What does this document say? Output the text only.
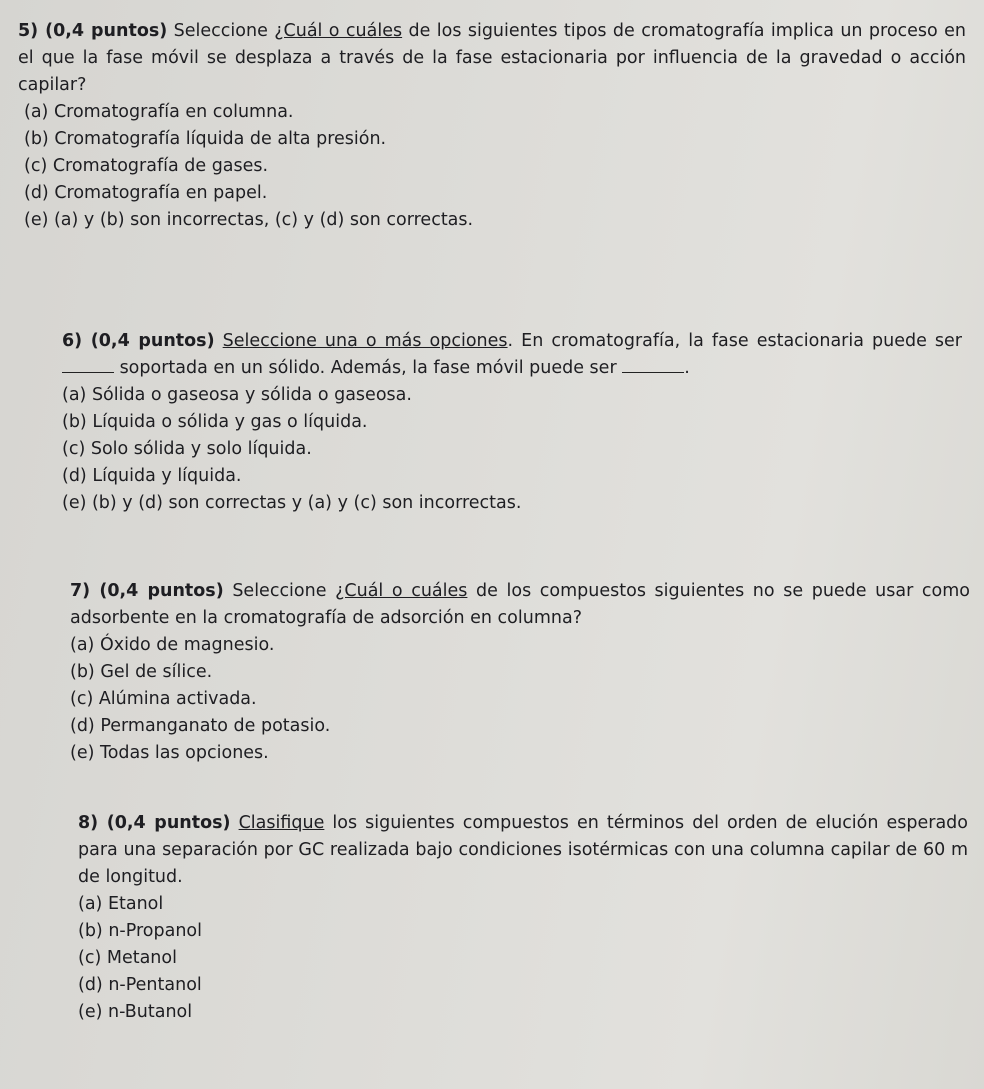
5) (0,4 puntos) Seleccione ¿Cuál o cuáles de los siguientes tipos de cromatografía implica un proceso en el que la fase móvil se desplaza a través de la fase estacionaria por influencia de la gravedad o acción capilar?

(a) Cromatografía en columna.
(b) Cromatografía líquida de alta presión.
(c) Cromatografía de gases.
(d) Cromatografía en papel.
(e) (a) y (b) son incorrectas, (c) y (d) son correctas.

6) (0,4 puntos) Seleccione una o más opciones. En cromatografía, la fase estacionaria puede ser  soportada en un sólido. Además, la fase móvil puede ser	.

(a) Sólida o gaseosa y sólida o gaseosa.
(b) Líquida o sólida y gas o líquida.
(c) Solo sólida y solo líquida.
(d) Líquida y líquida.
(e) (b) y (d) son correctas y (a) y (c) son incorrectas.

7) (0,4 puntos) Seleccione ¿Cuál o cuáles de los compuestos siguientes no se puede usar como adsorbente en la cromatografía de adsorción en columna?

(a) Óxido de magnesio.
(b) Gel de sílice.
(c) Alúmina activada.
(d) Permanganato de potasio.
(e) Todas las opciones.

8) (0,4 puntos) Clasifique los siguientes compuestos en términos del orden de elución esperado para una separación por GC realizada bajo condiciones isotérmicas con una columna capilar de 60 m de longitud.

(a) Etanol
(b) n-Propanol
(c) Metanol
(d) n-Pentanol
(e) n-Butanol
